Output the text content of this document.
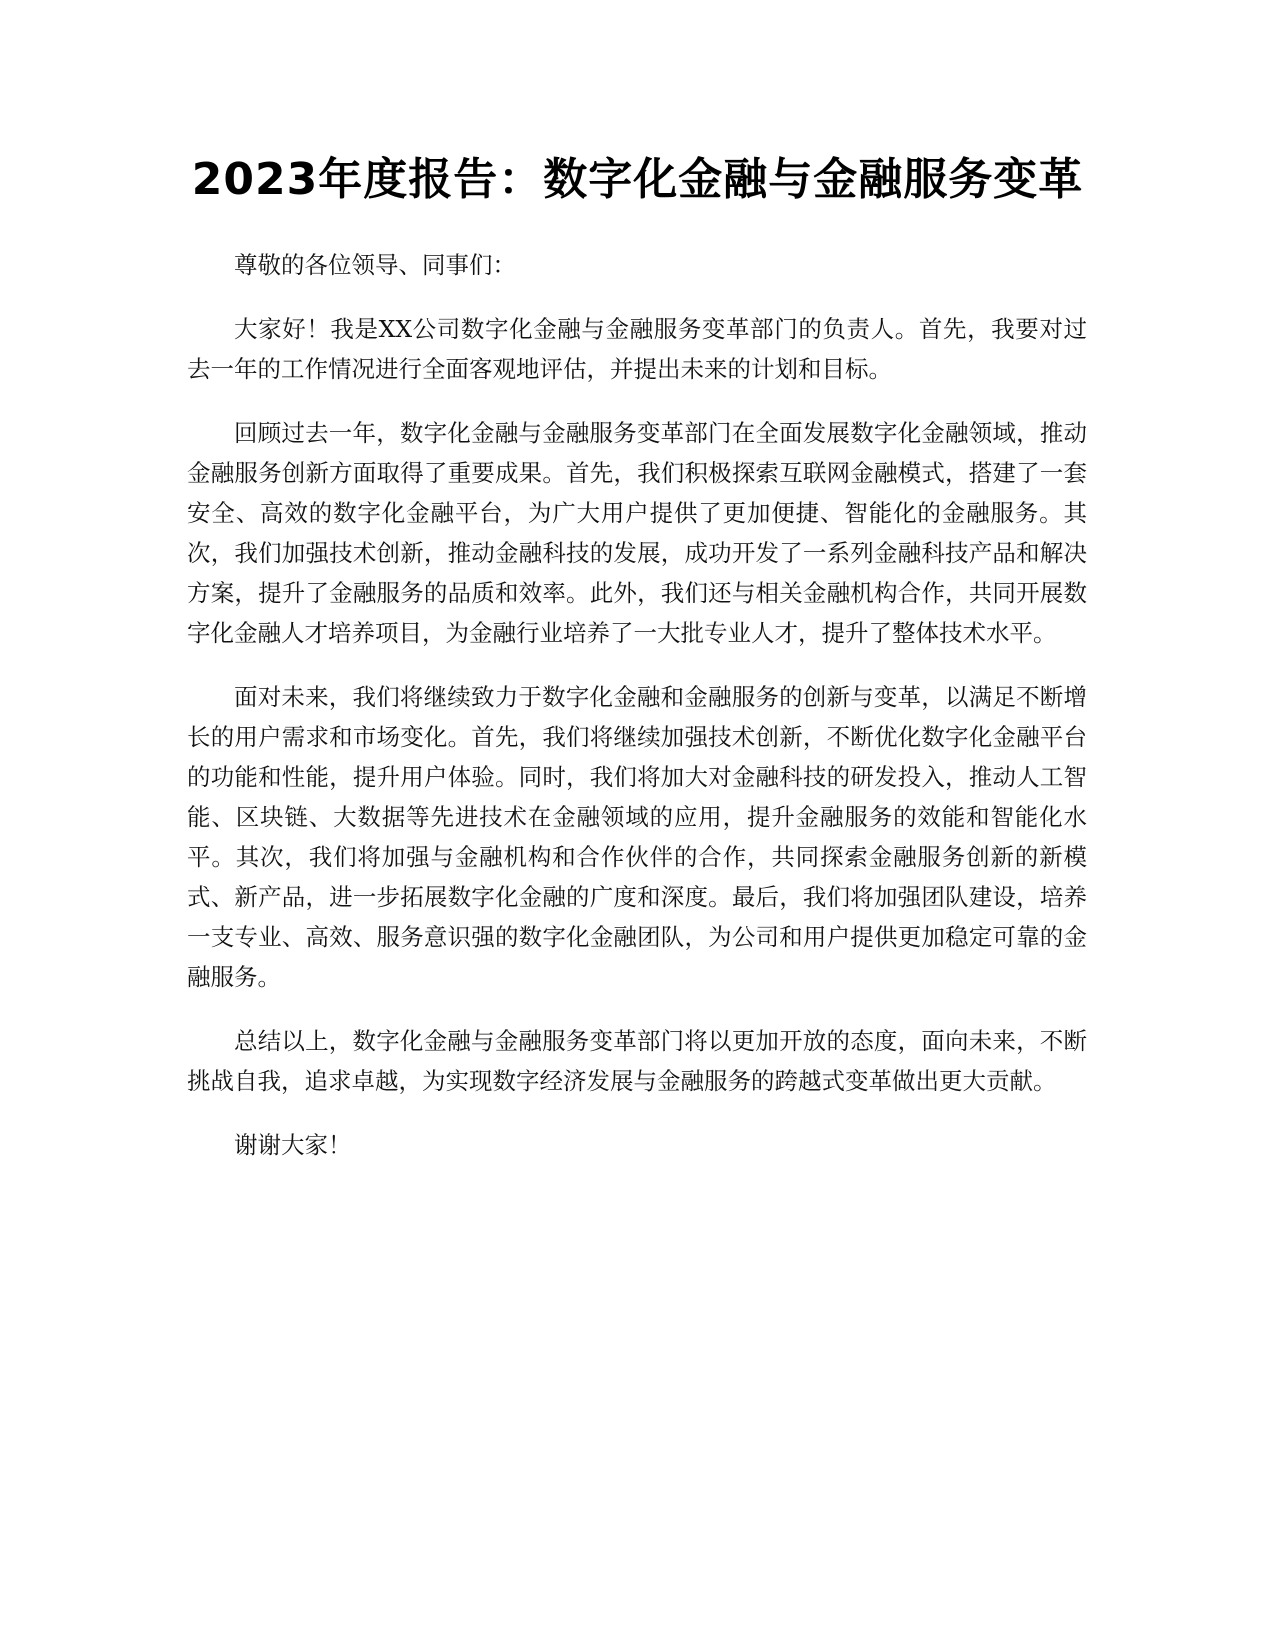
2023年度报告：数字化金融与金融服务变革

尊敬的各位领导、同事们：

大家好！我是XX公司数字化金融与金融服务变革部门的负责人。首先，我要对过去一年的工作情况进行全面客观地评估，并提出未来的计划和目标。

回顾过去一年，数字化金融与金融服务变革部门在全面发展数字化金融领域，推动金融服务创新方面取得了重要成果。首先，我们积极探索互联网金融模式，搭建了一套安全、高效的数字化金融平台，为广大用户提供了更加便捷、智能化的金融服务。其次，我们加强技术创新，推动金融科技的发展，成功开发了一系列金融科技产品和解决方案，提升了金融服务的品质和效率。此外，我们还与相关金融机构合作，共同开展数字化金融人才培养项目，为金融行业培养了一大批专业人才，提升了整体技术水平。

面对未来，我们将继续致力于数字化金融和金融服务的创新与变革，以满足不断增长的用户需求和市场变化。首先，我们将继续加强技术创新，不断优化数字化金融平台的功能和性能，提升用户体验。同时，我们将加大对金融科技的研发投入，推动人工智能、区块链、大数据等先进技术在金融领域的应用，提升金融服务的效能和智能化水平。其次，我们将加强与金融机构和合作伙伴的合作，共同探索金融服务创新的新模式、新产品，进一步拓展数字化金融的广度和深度。最后，我们将加强团队建设，培养一支专业、高效、服务意识强的数字化金融团队，为公司和用户提供更加稳定可靠的金融服务。

总结以上，数字化金融与金融服务变革部门将以更加开放的态度，面向未来，不断挑战自我，追求卓越，为实现数字经济发展与金融服务的跨越式变革做出更大贡献。

谢谢大家！
